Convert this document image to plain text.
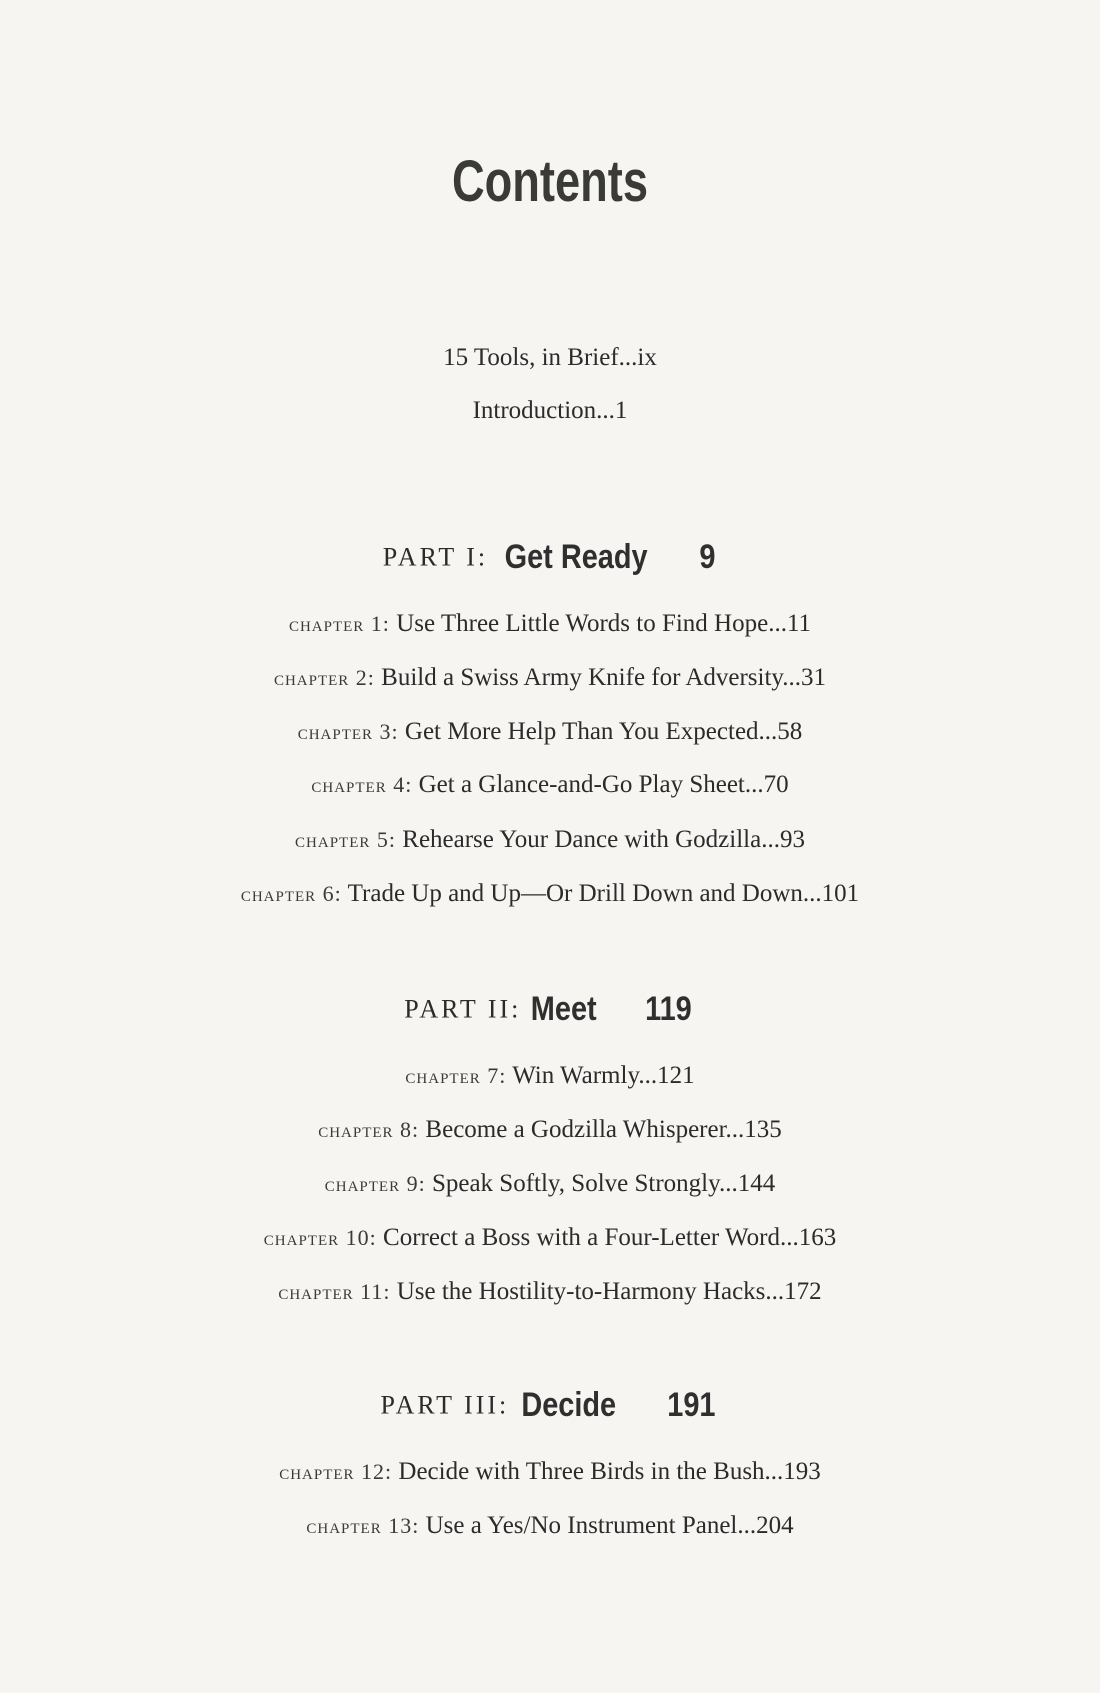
Contents
15 Tools, in Brief...ix
Introduction...1
PART I: Get Ready 9
chapter 1: Use Three Little Words to Find Hope...11
chapter 2: Build a Swiss Army Knife for Adversity...31
chapter 3: Get More Help Than You Expected...58
chapter 4: Get a Glance-and-Go Play Sheet...70
chapter 5: Rehearse Your Dance with Godzilla...93
chapter 6: Trade Up and Up—Or Drill Down and Down...101
PART II: Meet 119
chapter 7: Win Warmly...121
chapter 8: Become a Godzilla Whisperer...135
chapter 9: Speak Softly, Solve Strongly...144
chapter 10: Correct a Boss with a Four-Letter Word...163
chapter 11: Use the Hostility-to-Harmony Hacks...172
PART III: Decide 191
chapter 12: Decide with Three Birds in the Bush...193
chapter 13: Use a Yes/No Instrument Panel...204
